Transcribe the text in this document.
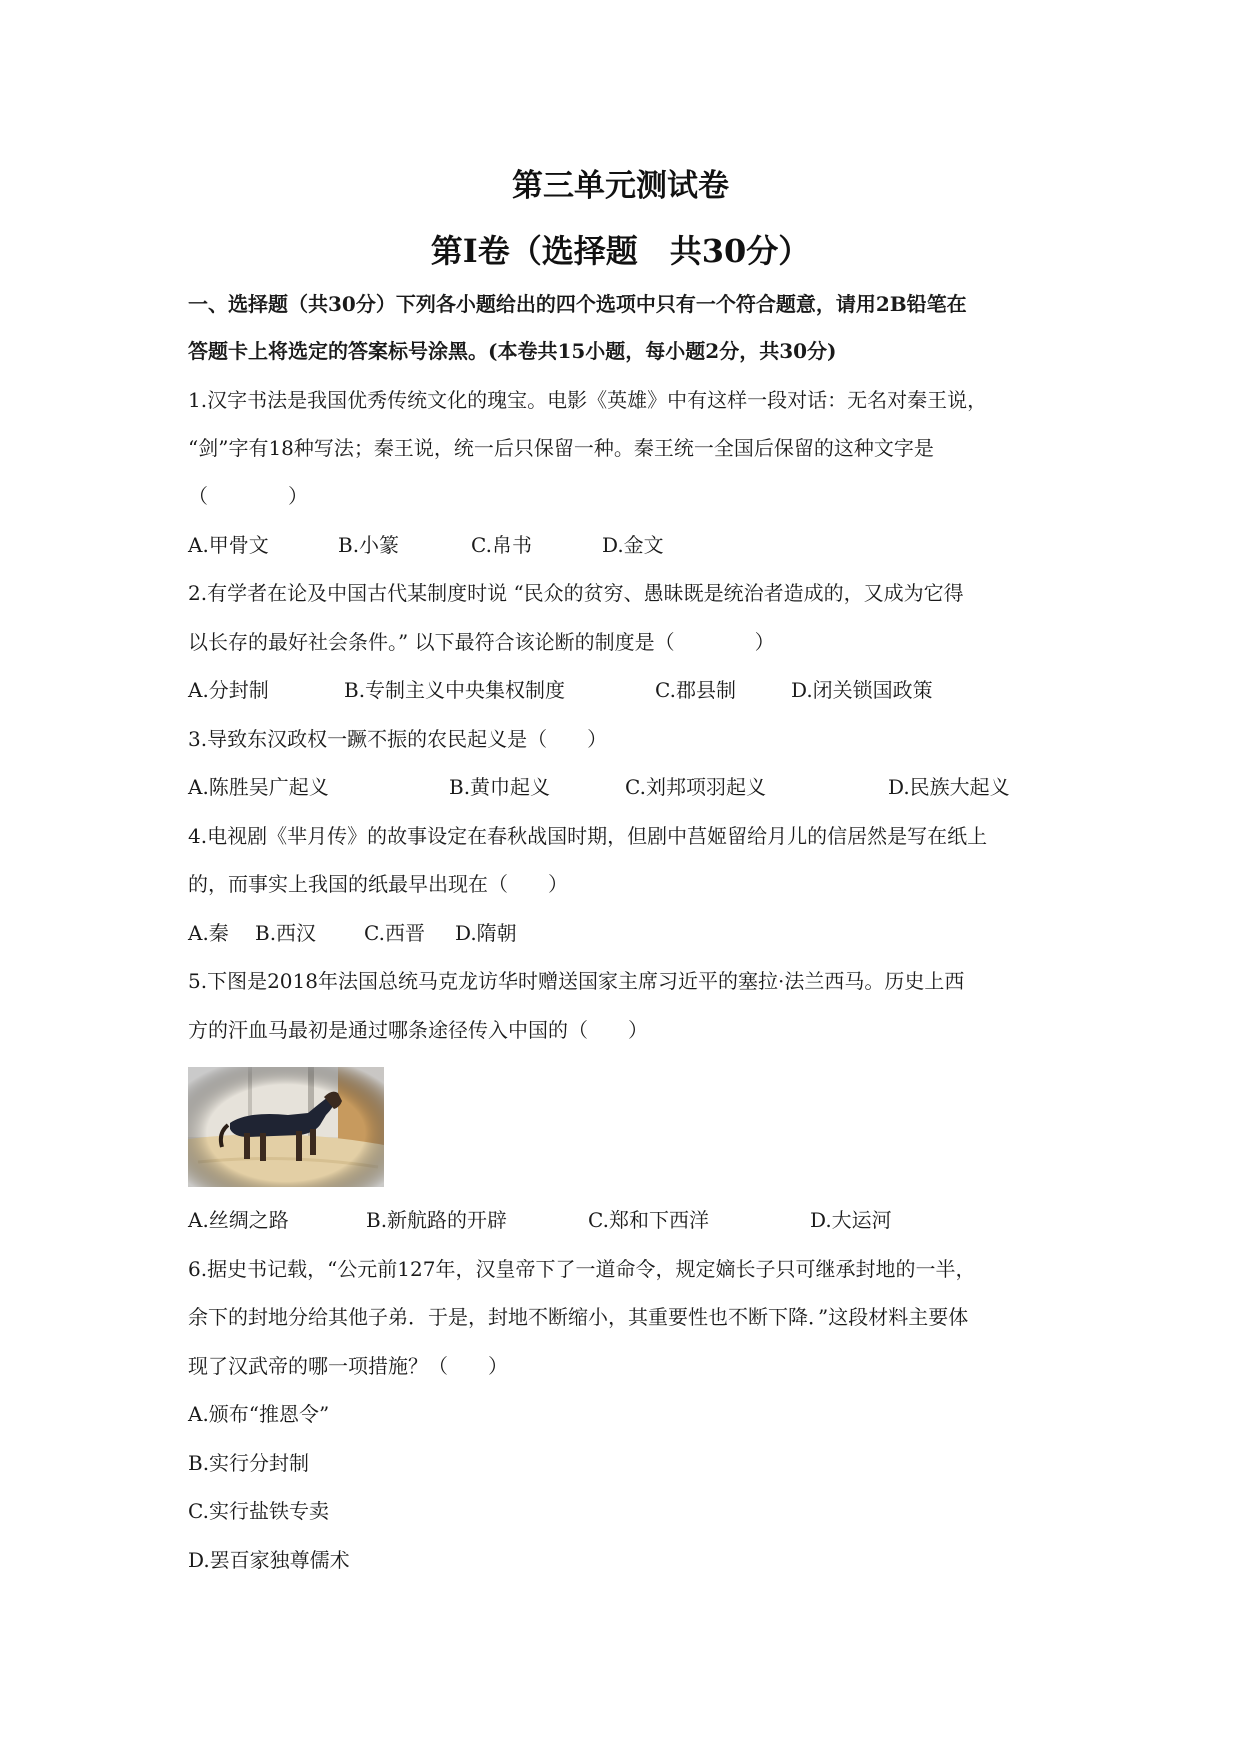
第三单元测试卷
第Ⅰ卷（选择题　共30分）
一、选择题（共30分）下列各小题给出的四个选项中只有一个符合题意，请用2B铅笔在
答题卡上将选定的答案标号涂黑。(本卷共15小题，每小题2分，共30分)
1.汉字书法是我国优秀传统文化的瑰宝。电影《英雄》中有这样一段对话：无名对秦王说，
“剑”字有18种写法；秦王说，统一后只保留一种。秦王统一全国后保留的这种文字是
（　　　　）
A.甲骨文	B.小篆	C.帛书	D.金文
2.有学者在论及中国古代某制度时说 “民众的贫穷、愚昧既是统治者造成的，又成为它得
以长存的最好社会条件。” 以下最符合该论断的制度是（　　　　）
A.分封制	B.专制主义中央集权制度	C.郡县制	D.闭关锁国政策
3.导致东汉政权一蹶不振的农民起义是（　　）
A.陈胜吴广起义	B.黄巾起义	C.刘邦项羽起义	D.民族大起义
4.电视剧《芈月传》的故事设定在春秋战国时期，但剧中莒姬留给月儿的信居然是写在纸上
的，而事实上我国的纸最早出现在（　　）
A.秦 B.西汉 C.西晋 D.隋朝
5.下图是2018年法国总统马克龙访华时赠送国家主席习近平的塞拉·法兰西马。历史上西
方的汗血马最初是通过哪条途径传入中国的（　　）
A.丝绸之路	B.新航路的开辟	C.郑和下西洋	D.大运河
6.据史书记载，“公元前127年，汉皇帝下了一道命令，规定嫡长子只可继承封地的一半，
余下的封地分给其他子弟．于是，封地不断缩小，其重要性也不断下降．”这段材料主要体
现了汉武帝的哪一项措施？（　　）
A.颁布“推恩令”
B.实行分封制
C.实行盐铁专卖
D.罢百家独尊儒术
